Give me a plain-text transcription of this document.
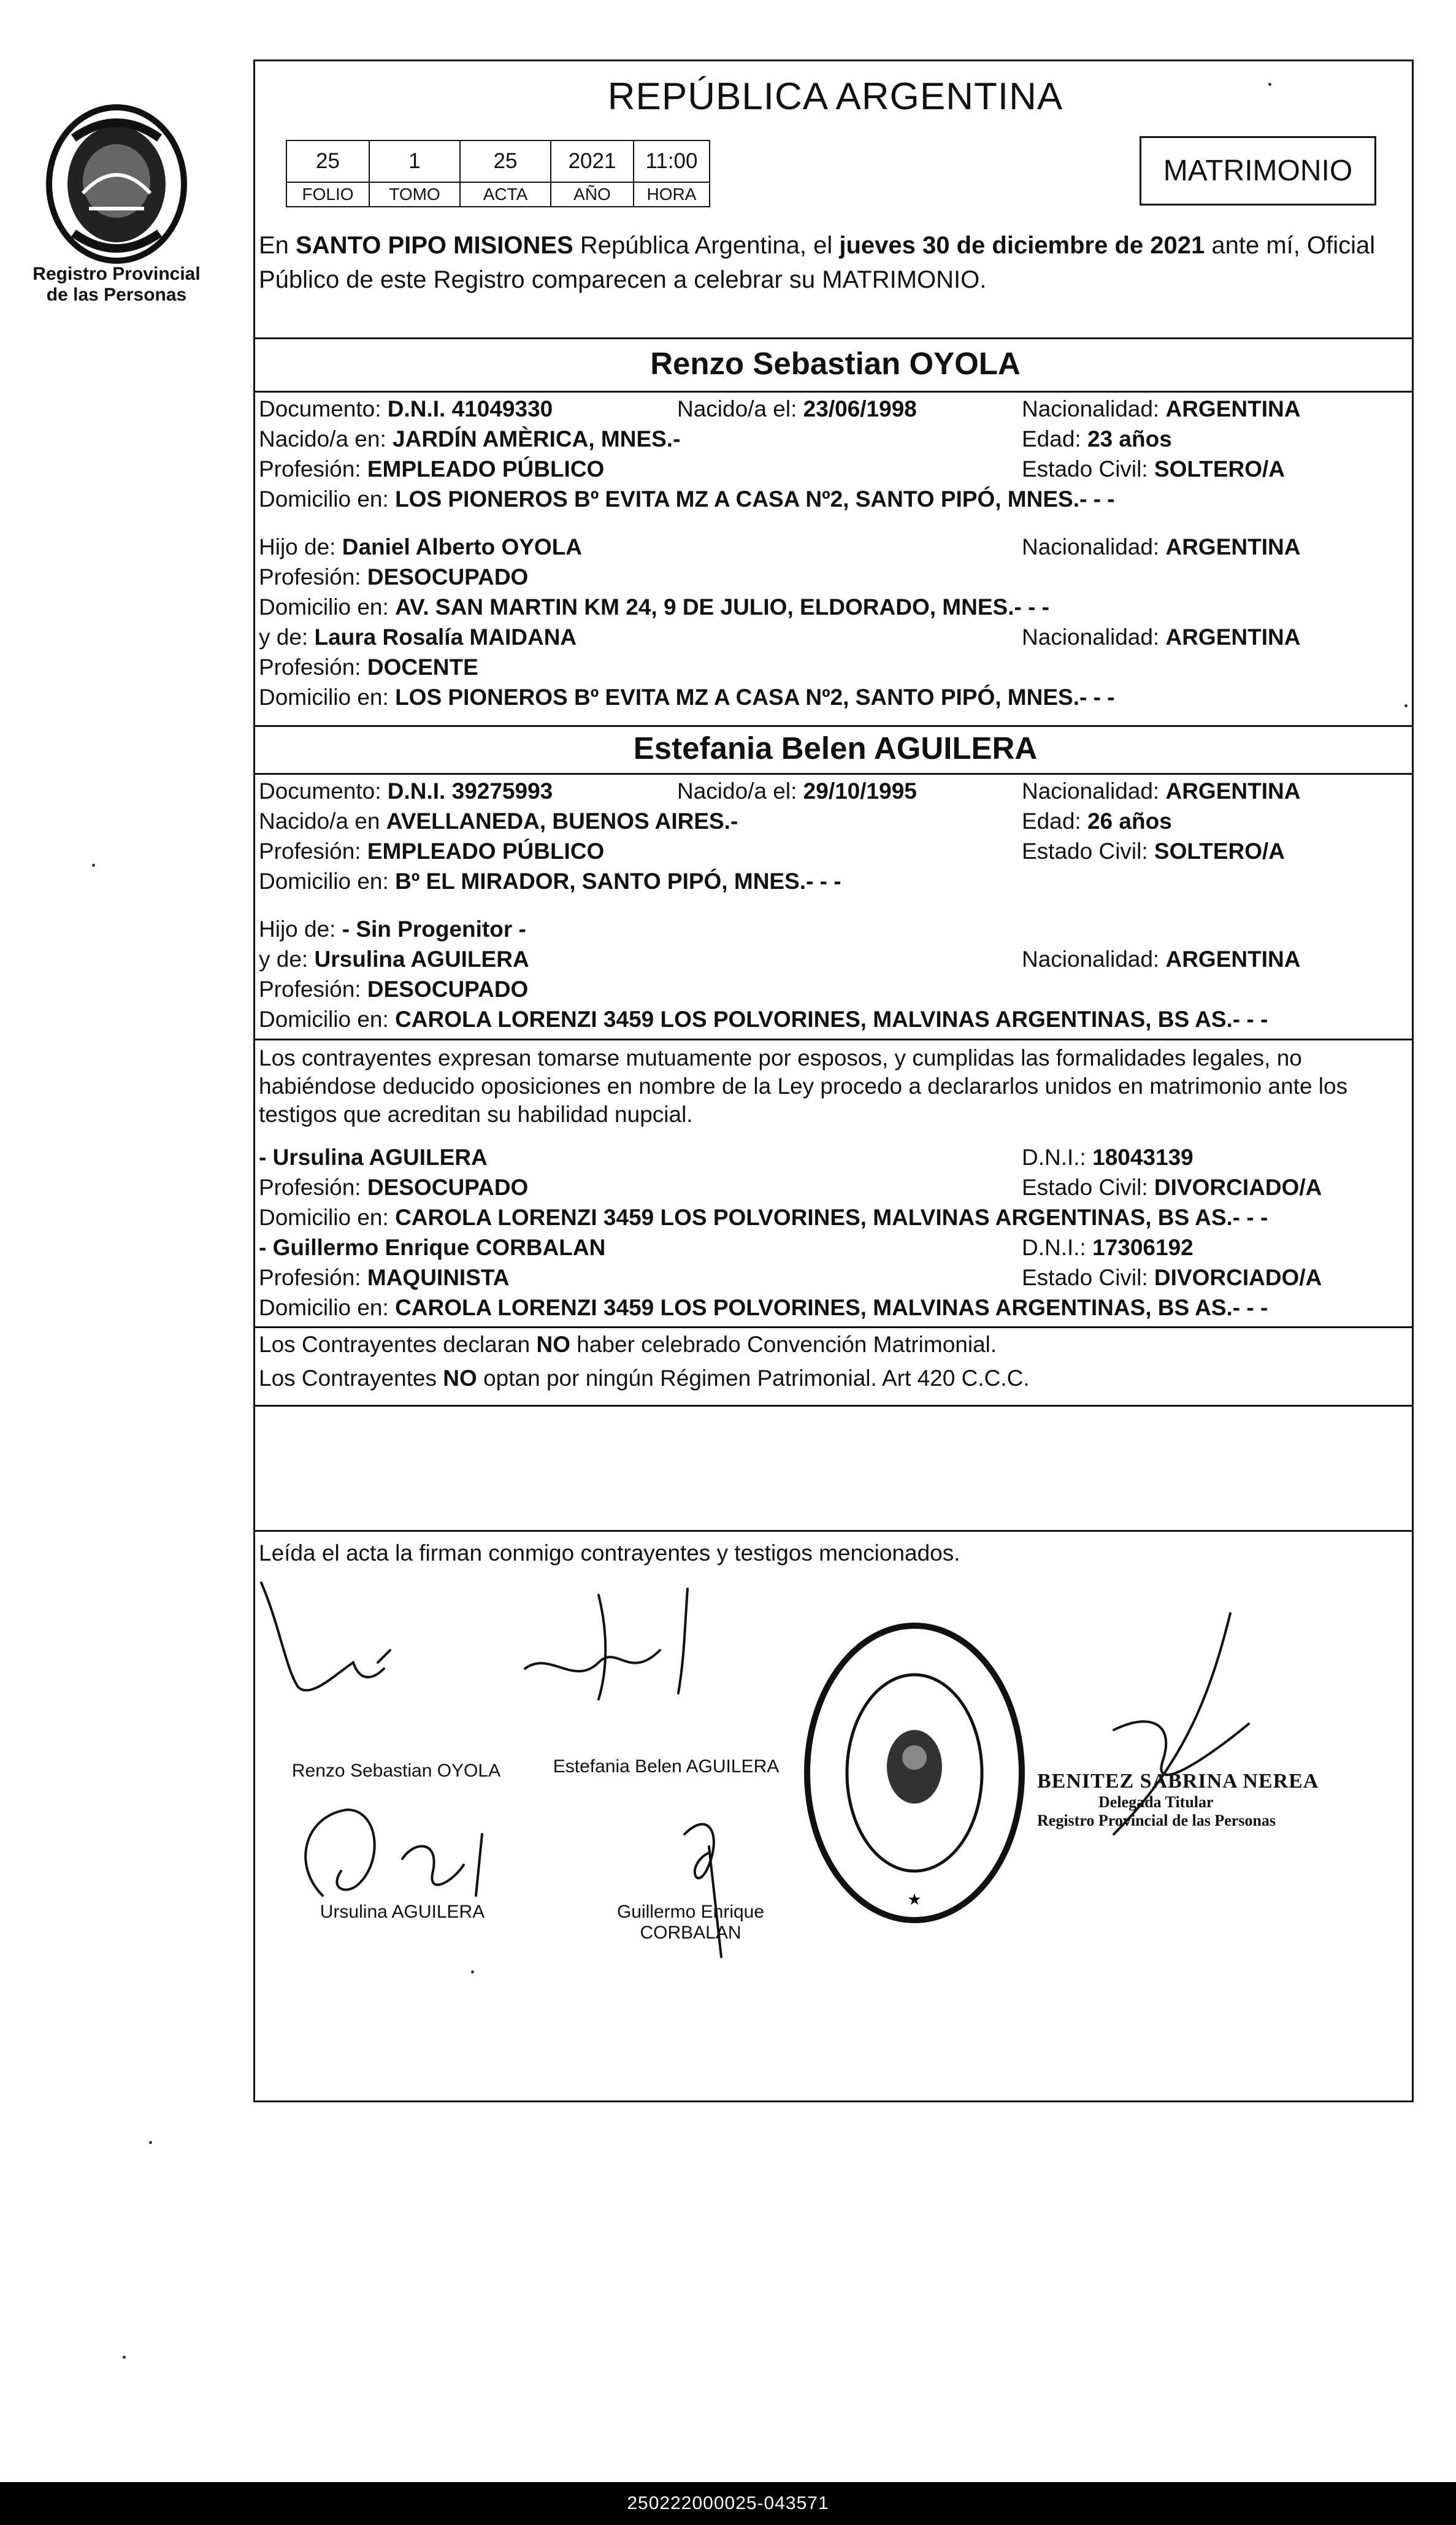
Registro Provincial
de las Personas
REPÚBLICA ARGENTINA
25	1	25	2021	11:00
FOLIO	TOMO	ACTA	AÑO	HORA
MATRIMONIO
En SANTO PIPO MISIONES República Argentina, el jueves 30 de diciembre de 2021 ante mí, Oficial Público de este Registro comparecen a celebrar su MATRIMONIO.
Renzo Sebastian OYOLA
Documento: D.N.I. 41049330	Nacido/a el: 23/06/1998	Nacionalidad: ARGENTINA
Nacido/a en: JARDÍN AMÈRICA, MNES.-	Edad: 23 años
Profesión: EMPLEADO PÚBLICO	Estado Civil: SOLTERO/A
Domicilio en: LOS PIONEROS Bº EVITA MZ A CASA Nº2, SANTO PIPÓ, MNES.- - -
Hijo de: Daniel Alberto OYOLA	Nacionalidad: ARGENTINA
Profesión: DESOCUPADO
Domicilio en: AV. SAN MARTIN KM 24, 9 DE JULIO, ELDORADO, MNES.- - -
y de: Laura Rosalía MAIDANA	Nacionalidad: ARGENTINA
Profesión: DOCENTE
Domicilio en: LOS PIONEROS Bº EVITA MZ A CASA Nº2, SANTO PIPÓ, MNES.- - -
Estefania Belen AGUILERA
Documento: D.N.I. 39275993	Nacido/a el: 29/10/1995	Nacionalidad: ARGENTINA
Nacido/a en AVELLANEDA, BUENOS AIRES.-	Edad: 26 años
Profesión: EMPLEADO PÚBLICO	Estado Civil: SOLTERO/A
Domicilio en: Bº EL MIRADOR, SANTO PIPÓ, MNES.- - -
Hijo de: - Sin Progenitor -
y de: Ursulina AGUILERA	Nacionalidad: ARGENTINA
Profesión: DESOCUPADO
Domicilio en: CAROLA LORENZI 3459 LOS POLVORINES, MALVINAS ARGENTINAS, BS AS.- - -
Los contrayentes expresan tomarse mutuamente por esposos, y cumplidas las formalidades legales, no habiéndose deducido oposiciones en nombre de la Ley procedo a declararlos unidos en matrimonio ante los testigos que acreditan su habilidad nupcial.
- Ursulina AGUILERA	D.N.I.: 18043139
Profesión: DESOCUPADO	Estado Civil: DIVORCIADO/A
Domicilio en: CAROLA LORENZI 3459 LOS POLVORINES, MALVINAS ARGENTINAS, BS AS.- - -
- Guillermo Enrique CORBALAN	D.N.I.: 17306192
Profesión: MAQUINISTA	Estado Civil: DIVORCIADO/A
Domicilio en: CAROLA LORENZI 3459 LOS POLVORINES, MALVINAS ARGENTINAS, BS AS.- - -
Los Contrayentes declaran NO haber celebrado Convención Matrimonial.
Los Contrayentes NO optan por ningún Régimen Patrimonial. Art 420 C.C.C.
Leída el acta la firman conmigo contrayentes y testigos mencionados.
Renzo Sebastian OYOLA	Estefania Belen AGUILERA
Ursulina AGUILERA	Guillermo Enrique
CORBALAN
★
BENITEZ SABRINA NEREA
Delegada Titular
Registro Provincial de las Personas
250222000025-043571
